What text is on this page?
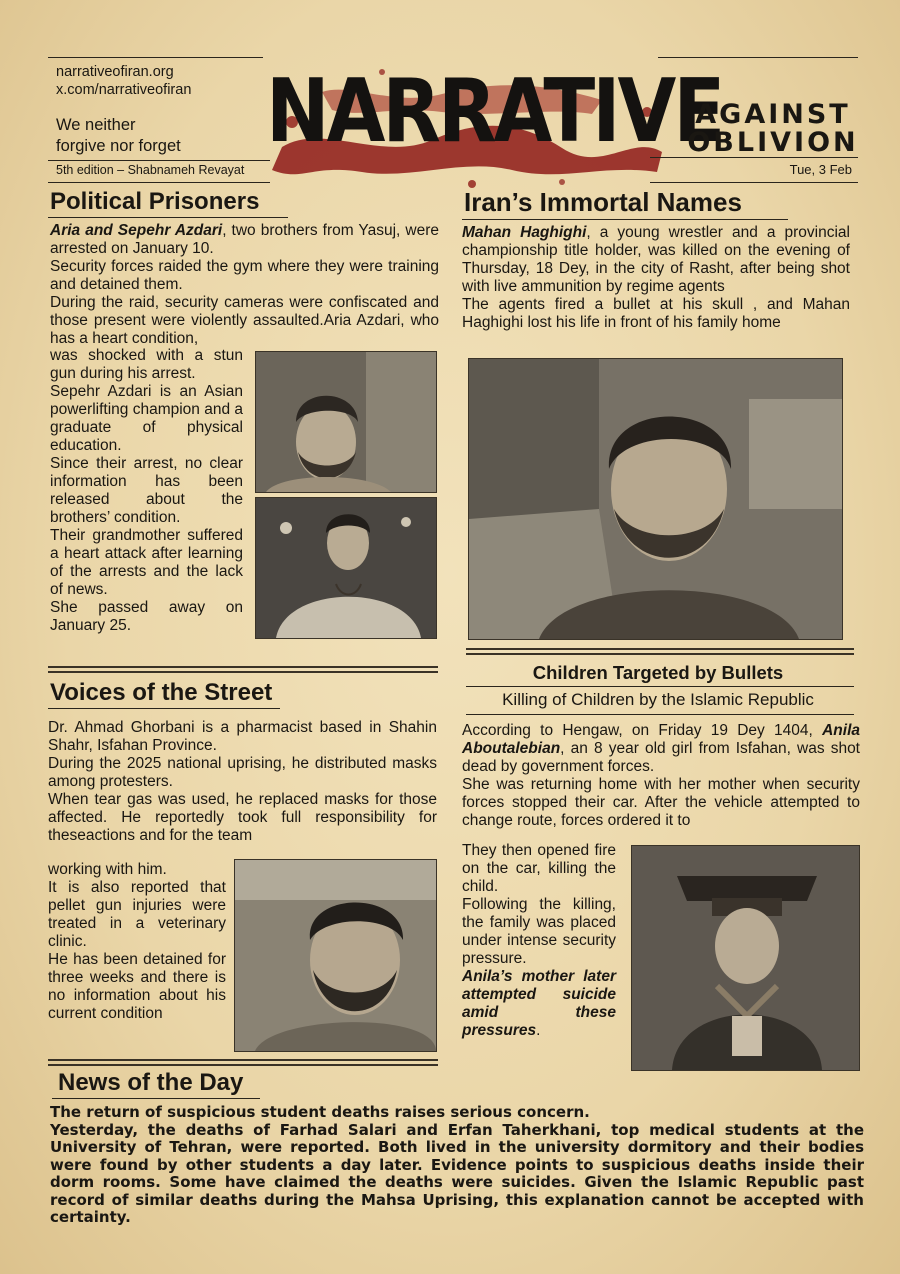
narrativeofiran.org
x.com/narrativeofiran
We neither
forgive nor forget
5th edition – Shabnameh Revayat
NARRATIVE
AGAINST
OBLIVION
Tue, 3 Feb
Political Prisoners

Aria and Sepehr Azdari, two brothers from Yasuj, were arrested on January 10.

Security forces raided the gym where they were training and detained them.

During the raid, security cameras were confiscated and those present were violently assaulted.Aria Azdari, who has a heart condition,

was shocked with a stun gun during his arrest.

Sepehr Azdari is an Asian powerlifting champion and a graduate of physical education.

Since their arrest, no clear information has been released about the brothers’ condition.

Their grandmother suffered a heart attack after learning of the arrests and the lack of news.

She passed away on January 25.

Iran’s Immortal Names

Mahan Haghighi, a young wrestler and a provincial championship title holder, was killed on the evening of Thursday, 18 Dey, in the city of Rasht, after being shot with live ammunition by regime agents

The agents fired a bullet at his skull , and Mahan Haghighi lost his life in front of his family home

Children Targeted by Bullets
Killing of Children by the Islamic Republic

According to Hengaw, on Friday 19 Dey 1404, Anila Aboutalebian, an 8 year old girl from Isfahan, was shot dead by government forces.

She was returning home with her mother when security forces stopped their car. After the vehicle attempted to change route, forces ordered it to

They then opened fire on the car, killing the child.

Following the killing, the family was placed under intense security pressure.

Anila’s mother later attempted suicide amid these pressures.

Voices of the Street

Dr. Ahmad Ghorbani is a pharmacist based in Shahin Shahr, Isfahan Province.

During the 2025 national uprising, he distributed masks among protesters.

When tear gas was used, he replaced masks for those affected. He reportedly took full responsibility for theseactions and for the team

working with him.

It is also reported that pellet gun injuries were treated in a veterinary clinic.

He has been detained for three weeks and there is no information about his current condition

News of the Day
The return of suspicious student deaths raises serious concern.
Yesterday, the deaths of Farhad Salari and Erfan Taherkhani, top medical students at the University of Tehran, were reported. Both lived in the university dormitory and their bodies were found by other students a day later. Evidence points to suspicious deaths inside their dorm rooms. Some have claimed the deaths were suicides. Given the Islamic Republic past record of similar deaths during the Mahsa Uprising, this explanation cannot be accepted with certainty.
